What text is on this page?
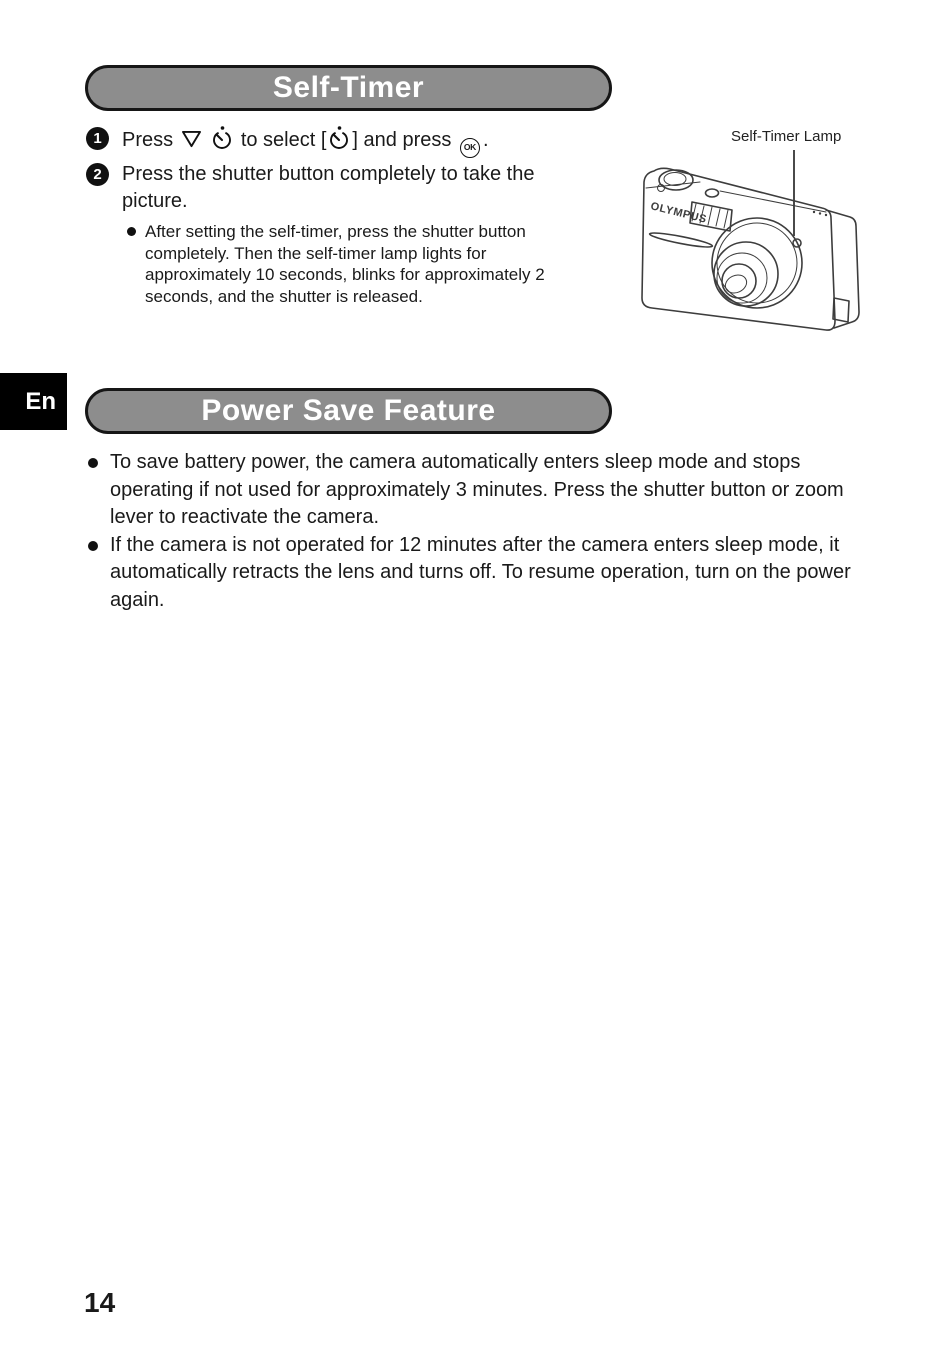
Self-Timer
1	Press	to select [ ] and press OK .
2	Press the shutter button completely to take the picture.
After setting the self-timer, press the shutter button completely. Then the self-timer lamp lights for approximately 10 seconds, blinks for approximately 2 seconds, and the shutter is released.
Self-Timer Lamp
OLYMPUS
En	Power Save Feature
To save battery power, the camera automatically enters sleep mode and stops operating if not used for approximately 3 minutes. Press the shutter button or zoom lever to reactivate the camera.
If the camera is not operated for 12 minutes after the camera enters sleep mode, it automatically retracts the lens and turns off. To resume operation, turn on the power again.
14
